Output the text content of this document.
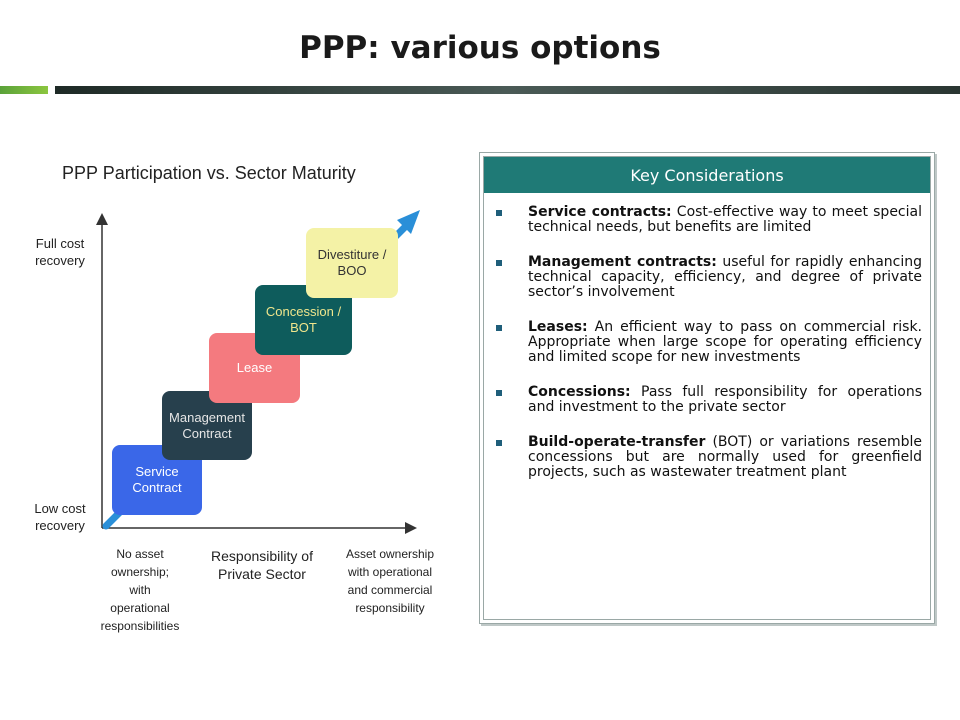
PPP: various options
PPP Participation vs. Sector Maturity
Full cost
recovery
Low cost
recovery
Service
Contract
Management
Contract
Lease
Concession /
BOT
Divestiture /
BOO
No asset
ownership;
with
operational
responsibilities
Responsibility of
Private Sector
Asset ownership
with operational
and commercial
responsibility
Key Considerations
Service contracts: Cost-effective way to meet special technical needs, but benefits are limited
Management contracts: useful for rapidly enhancing technical capacity, efficiency, and degree of private sector’s involvement
Leases: An efficient way to pass on commercial risk. Appropriate when large scope for operating efficiency and limited scope for new investments
Concessions: Pass full responsibility for operations and investment to the private sector
Build-operate-transfer (BOT) or variations resemble concessions but are normally used for greenfield projects, such as wastewater treatment plant
